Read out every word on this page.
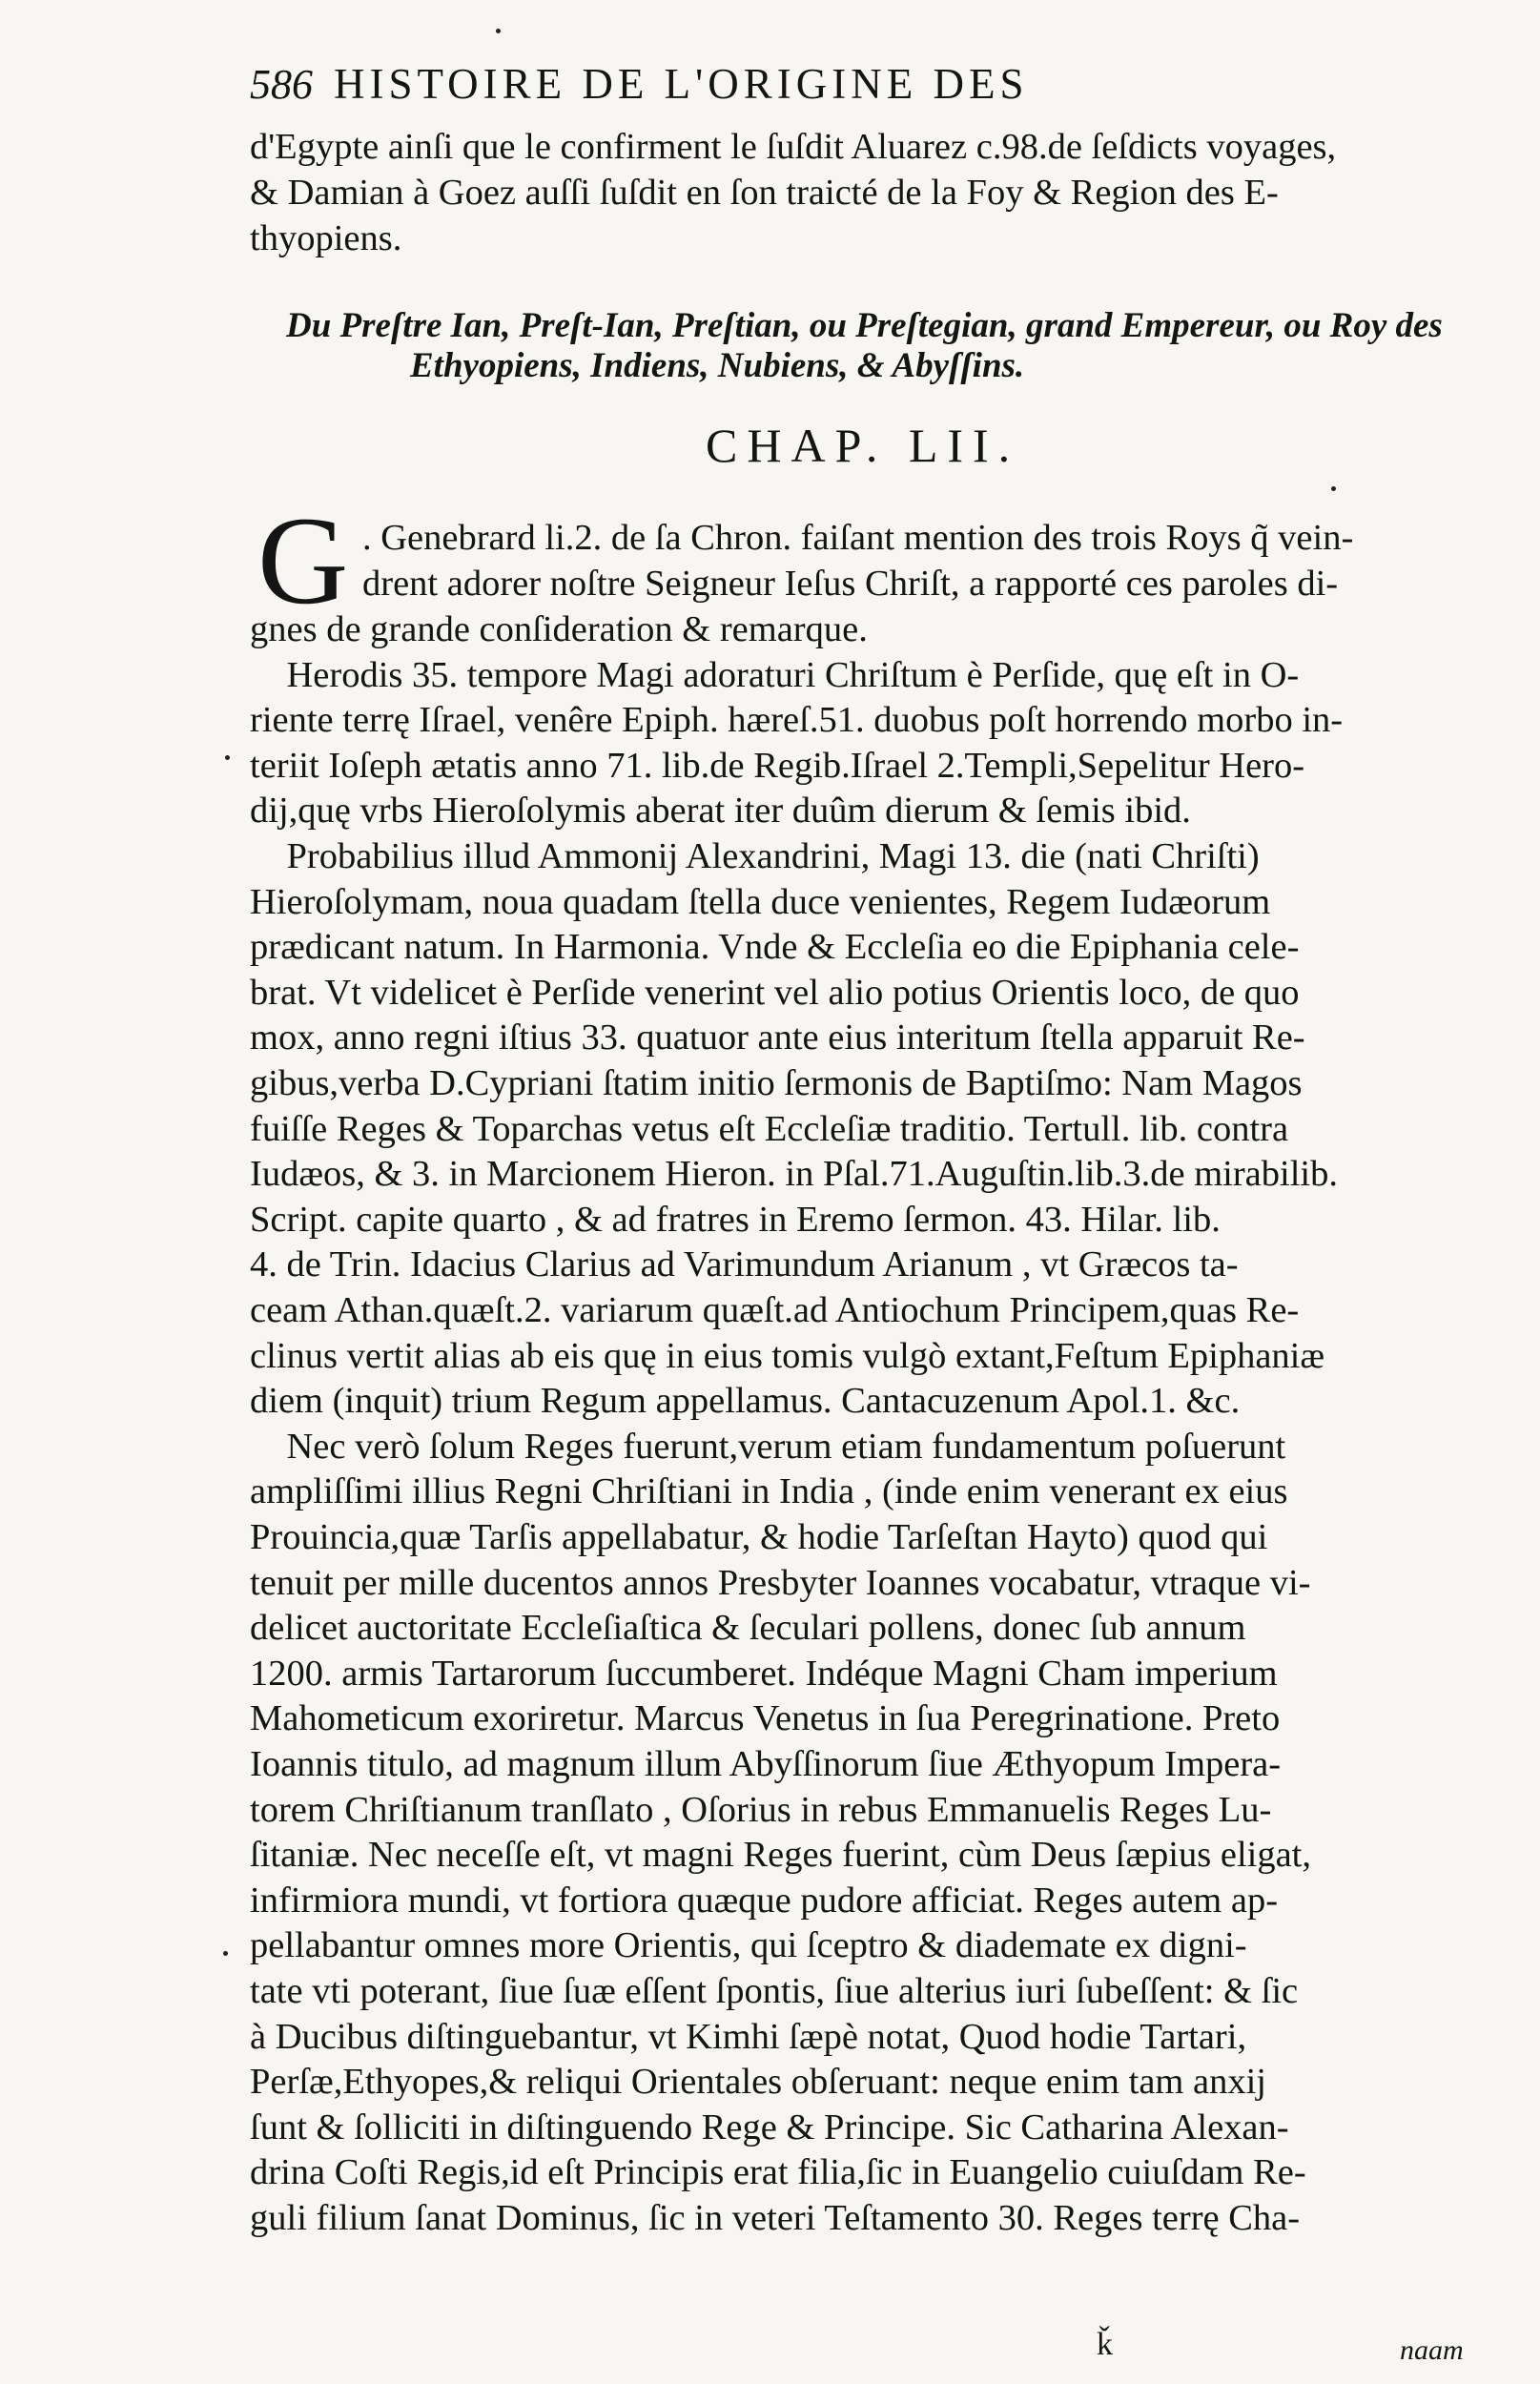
586 HISTOIRE DE L'ORIGINE DES
d'Egypte ainſi que le confirment le ſuſdit Aluarez c.98.de ſeſdicts voyages,
& Damian à Goez auſſi ſuſdit en ſon traicté de la Foy & Region des E-
thyopiens.
Du Preſtre Ian, Preſt-Ian, Preſtian, ou Preſtegian, grand Empereur, ou Roy des
Ethyopiens, Indiens, Nubiens, & Abyſſins.
CHAP. LII.
G . Genebrard li.2. de ſa Chron. faiſant mention des trois Roys q̃ vein-
drent adorer noſtre Seigneur Ieſus Chriſt, a rapporté ces paroles di-
gnes de grande conſideration & remarque.
Herodis 35. tempore Magi adoraturi Chriſtum è Perſide, quę eſt in O-
riente terrę Iſrael, venêre Epiph. hæreſ.51. duobus poſt horrendo morbo in-
teriit Ioſeph ætatis anno 71. lib.de Regib.Iſrael 2.Templi,Sepelitur Hero-
dij,quę vrbs Hieroſolymis aberat iter duûm dierum & ſemis ibid.
Probabilius illud Ammonij Alexandrini, Magi 13. die (nati Chriſti)
Hieroſolymam, noua quadam ſtella duce venientes, Regem Iudæorum
prædicant natum. In Harmonia. Vnde & Eccleſia eo die Epiphania cele-
brat. Vt videlicet è Perſide venerint vel alio potius Orientis loco, de quo
mox, anno regni iſtius 33. quatuor ante eius interitum ſtella apparuit Re-
gibus,verba D.Cypriani ſtatim initio ſermonis de Baptiſmo: Nam Magos
fuiſſe Reges & Toparchas vetus eſt Eccleſiæ traditio. Tertull. lib. contra
Iudæos, & 3. in Marcionem Hieron. in Pſal.71.Auguſtin.lib.3.de mirabilib.
Script. capite quarto , & ad fratres in Eremo ſermon. 43. Hilar. lib.
4. de Trin. Idacius Clarius ad Varimundum Arianum , vt Græcos ta-
ceam Athan.quæſt.2. variarum quæſt.ad Antiochum Principem,quas Re-
clinus vertit alias ab eis quę in eius tomis vulgò extant,Feſtum Epiphaniæ
diem (inquit) trium Regum appellamus. Cantacuzenum Apol.1. &c.
Nec verò ſolum Reges fuerunt,verum etiam fundamentum poſuerunt
ampliſſimi illius Regni Chriſtiani in India , (inde enim venerant ex eius
Prouincia,quæ Tarſis appellabatur, & hodie Tarſeſtan Hayto) quod qui
tenuit per mille ducentos annos Presbyter Ioannes vocabatur, vtraque vi-
delicet auctoritate Eccleſiaſtica & ſeculari pollens, donec ſub annum
1200. armis Tartarorum ſuccumberet. Indéque Magni Cham imperium
Mahometicum exoriretur. Marcus Venetus in ſua Peregrinatione. Preto
Ioannis titulo, ad magnum illum Abyſſinorum ſiue Æthyopum Impera-
torem Chriſtianum tranſlato , Oſorius in rebus Emmanuelis Reges Lu-
ſitaniæ. Nec neceſſe eſt, vt magni Reges fuerint, cùm Deus ſæpius eligat,
infirmiora mundi, vt fortiora quæque pudore afficiat. Reges autem ap-
pellabantur omnes more Orientis, qui ſceptro & diademate ex digni-
tate vti poterant, ſiue ſuæ eſſent ſpontis, ſiue alterius iuri ſubeſſent: & ſic
à Ducibus diſtinguebantur, vt Kimhi ſæpè notat, Quod hodie Tartari,
Perſæ,Ethyopes,& reliqui Orientales obſeruant: neque enim tam anxij
ſunt & ſolliciti in diſtinguendo Rege & Principe. Sic Catharina Alexan-
drina Coſti Regis,id eſt Principis erat filia,ſic in Euangelio cuiuſdam Re-
guli filium ſanat Dominus, ſic in veteri Teſtamento 30. Reges terrę Cha-
naam
ǩ
